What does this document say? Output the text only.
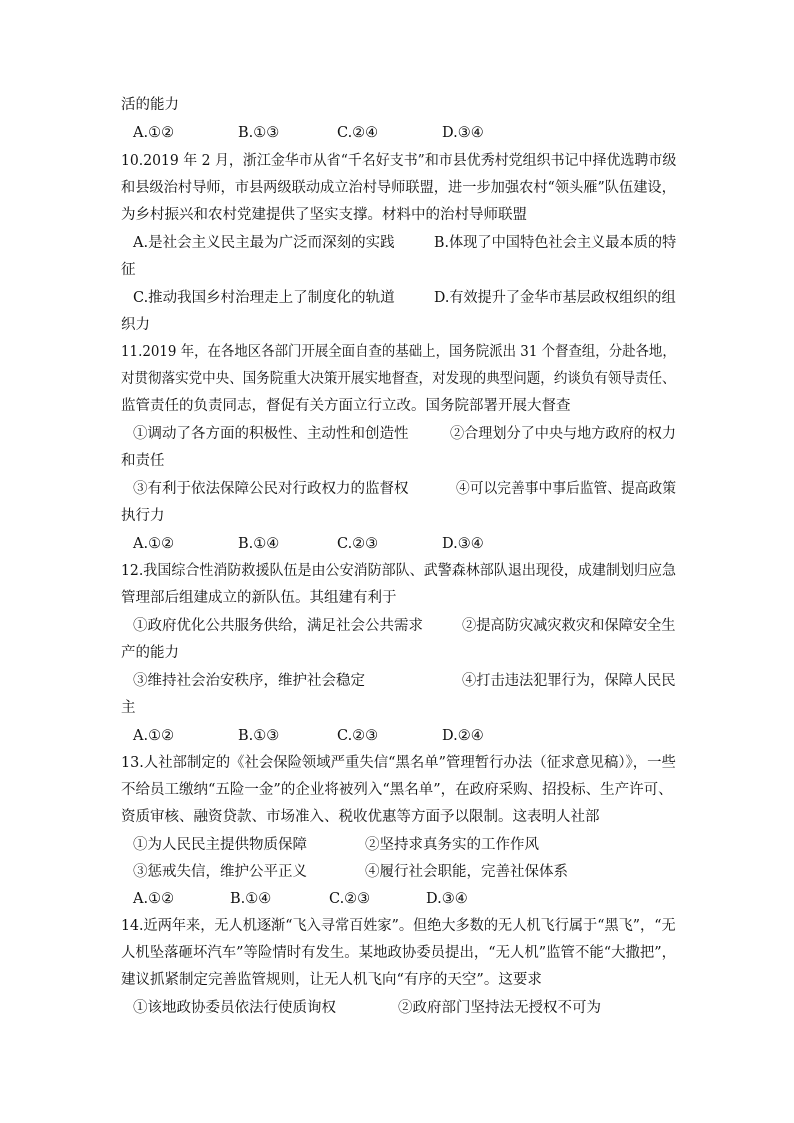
活的能力
A.①②	B.①③	C.②④	D.③④
10.2019 年 2 月，浙江金华市从省“千名好支书”和市县优秀村党组织书记中择优选聘市级
和县级治村导师，市县两级联动成立治村导师联盟，进一步加强农村“领头雁”队伍建设，
为乡村振兴和农村党建提供了坚实支撑。材料中的治村导师联盟
A.是社会主义民主最为广泛而深刻的实践	B.体现了中国特色社会主义最本质的特
征
C.推动我国乡村治理走上了制度化的轨道	D.有效提升了金华市基层政权组织的组
织力
11.2019 年，在各地区各部门开展全面自查的基础上，国务院派出 31 个督查组，分赴各地，
对贯彻落实党中央、国务院重大决策开展实地督查，对发现的典型问题，约谈负有领导责任、
监管责任的负责同志，督促有关方面立行立改。国务院部署开展大督查
①调动了各方面的积极性、主动性和创造性	②合理划分了中央与地方政府的权力
和责任
③有利于依法保障公民对行政权力的监督权	④可以完善事中事后监管、提高政策
执行力
A.①②	B.①④	C.②③	D.③④
12.我国综合性消防救援队伍是由公安消防部队、武警森林部队退出现役，成建制划归应急
管理部后组建成立的新队伍。其组建有利于
①政府优化公共服务供给，满足社会公共需求	②提高防灾减灾救灾和保障安全生
产的能力
③维持社会治安秩序，维护社会稳定	④打击违法犯罪行为，保障人民民
主
A.①②	B.①③	C.②③	D.②④
13.人社部制定的《社会保险领域严重失信“黑名单”管理暂行办法（征求意见稿）》，一些
不给员工缴纳“五险一金”的企业将被列入“黑名单”，在政府采购、招投标、生产许可、
资质审核、融资贷款、市场准入、税收优惠等方面予以限制。这表明人社部
①为人民民主提供物质保障	②坚持求真务实的工作作风
③惩戒失信，维护公平正义	④履行社会职能，完善社保体系
A.①②	B.①④	C.②③	D.③④
14.近两年来，无人机逐渐“飞入寻常百姓家”。但绝大多数的无人机飞行属于“黑飞”，“无
人机坠落砸坏汽车”等险情时有发生。某地政协委员提出，“无人机”监管不能“大撒把”，
建议抓紧制定完善监管规则，让无人机飞向“有序的天空”。这要求
①该地政协委员依法行使质询权	②政府部门坚持法无授权不可为
